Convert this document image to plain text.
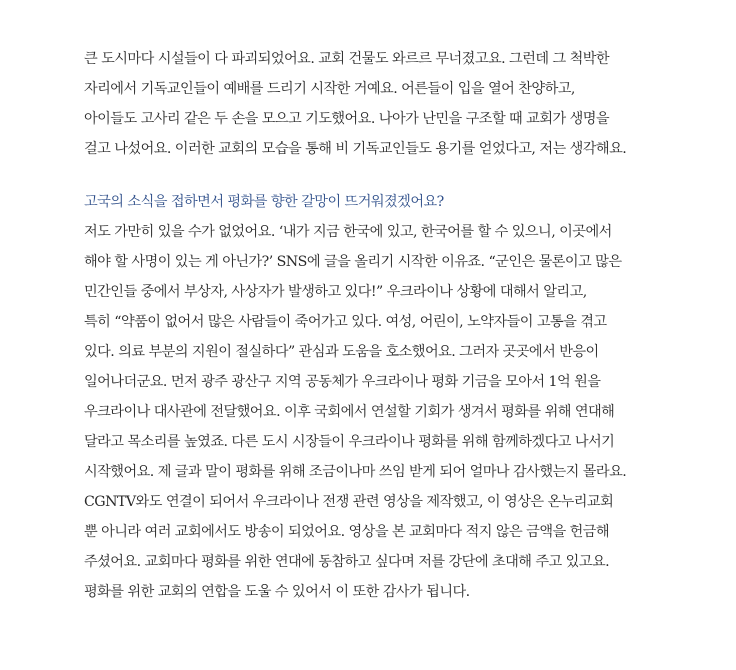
큰 도시마다 시설들이 다 파괴되었어요. 교회 건물도 와르르 무너졌고요. 그런데 그 척박한
자리에서 기독교인들이 예배를 드리기 시작한 거예요. 어른들이 입을 열어 찬양하고,
아이들도 고사리 같은 두 손을 모으고 기도했어요. 나아가 난민을 구조할 때 교회가 생명을
걸고 나섰어요. 이러한 교회의 모습을 통해 비 기독교인들도 용기를 얻었다고, 저는 생각해요.
고국의 소식을 접하면서 평화를 향한 갈망이 뜨거워졌겠어요?
저도 가만히 있을 수가 없었어요. ‘내가 지금 한국에 있고, 한국어를 할 수 있으니, 이곳에서
해야 할 사명이 있는 게 아닌가?’ SNS에 글을 올리기 시작한 이유죠. “군인은 물론이고 많은
민간인들 중에서 부상자, 사상자가 발생하고 있다!” 우크라이나 상황에 대해서 알리고,
특히 “약품이 없어서 많은 사람들이 죽어가고 있다. 여성, 어린이, 노약자들이 고통을 겪고
있다. 의료 부분의 지원이 절실하다” 관심과 도움을 호소했어요. 그러자 곳곳에서 반응이
일어나더군요. 먼저 광주 광산구 지역 공동체가 우크라이나 평화 기금을 모아서 1억 원을
우크라이나 대사관에 전달했어요. 이후 국회에서 연설할 기회가 생겨서 평화를 위해 연대해
달라고 목소리를 높였죠. 다른 도시 시장들이 우크라이나 평화를 위해 함께하겠다고 나서기
시작했어요. 제 글과 말이 평화를 위해 조금이나마 쓰임 받게 되어 얼마나 감사했는지 몰라요.
CGNTV와도 연결이 되어서 우크라이나 전쟁 관련 영상을 제작했고, 이 영상은 온누리교회
뿐 아니라 여러 교회에서도 방송이 되었어요. 영상을 본 교회마다 적지 않은 금액을 헌금해
주셨어요. 교회마다 평화를 위한 연대에 동참하고 싶다며 저를 강단에 초대해 주고 있고요.
평화를 위한 교회의 연합을 도울 수 있어서 이 또한 감사가 됩니다.
